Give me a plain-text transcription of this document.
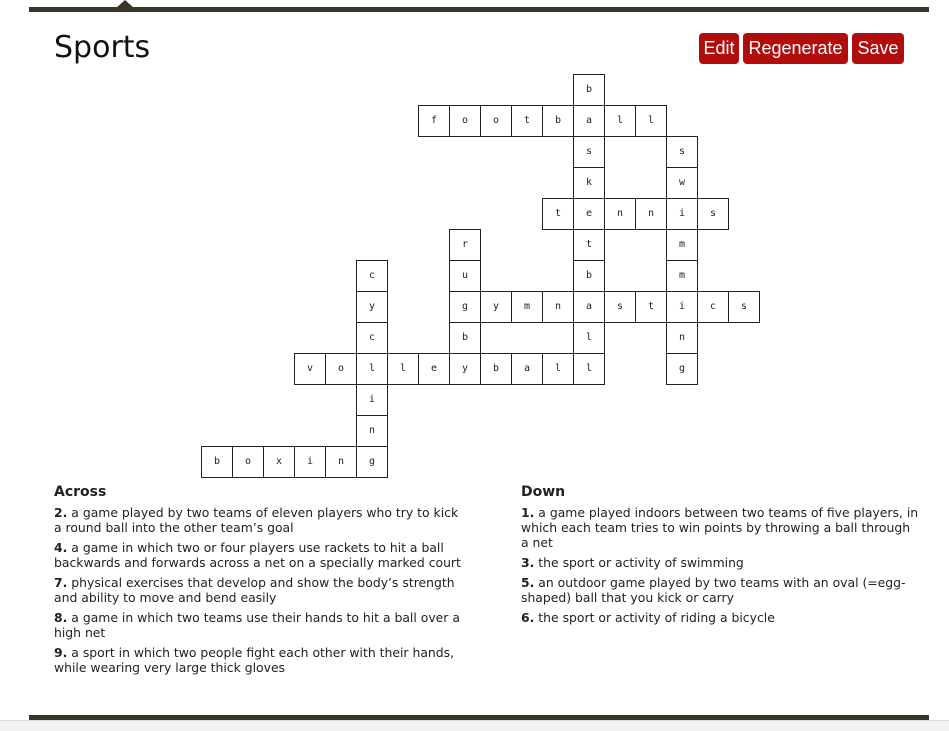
Sports	Edit Regenerate Save
b
f	o	o	t	b	a	l	l
s	s
k	w
t	e	n	n	i	s
r	t	m
c	u	b	m
y	g	y	m	n	a	s	t	i	c	s
c	b	l	n
v	o	l	l	e	y	b	a	l	l	g
i
n
b	o	x	i	n	g
Across
2. a game played by two teams of eleven players who try to kick a round ball into the other team’s goal
4. a game in which two or four players use rackets to hit a ball backwards and forwards across a net on a specially marked court
7. physical exercises that develop and show the body’s strength and ability to move and bend easily
8. a game in which two teams use their hands to hit a ball over a high net
9. a sport in which two people fight each other with their hands, while wearing very large thick gloves
Down
1. a game played indoors between two teams of five players, in which each team tries to win points by throwing a ball through a net
3. the sport or activity of swimming
5. an outdoor game played by two teams with an oval (=egg-shaped) ball that you kick or carry
6. the sport or activity of riding a bicycle
